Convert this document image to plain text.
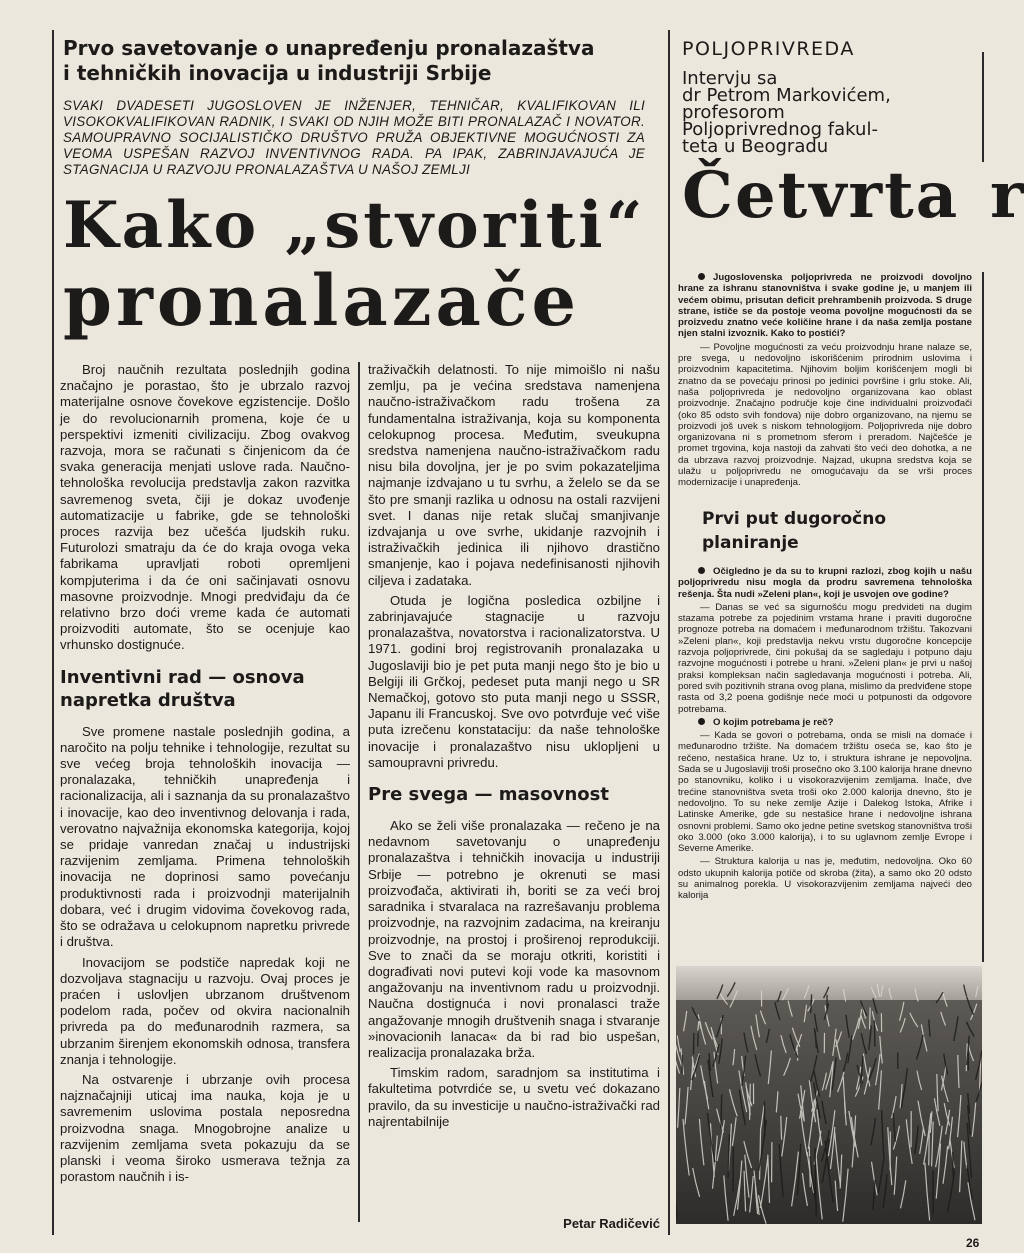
Prvo savetovanje o unapređenju pronalazaštva
i tehničkih inovacija u industriji Srbije

SVAKI DVADESETI JUGOSLOVEN JE INŽENJER, TEHNIČAR, KVALIFIKOVAN ILI VISOKOKVALIFIKOVAN RADNIK, I SVAKI OD NJIH MOŽE BITI PRONALAZAČ I NOVATOR. SAMOUPRAVNO SOCIJALISTIČKO DRUŠTVO PRUŽA OBJEKTIVNE MOGUĆNOSTI ZA VEOMA USPEŠAN RAZVOJ INVENTIVNOG RADA. PA IPAK, ZABRINJAVAJUĆA JE STAGNACIJA U RAZVOJU PRONALAZAŠTVA U NAŠOJ ZEMLJI

Kako „stvoriti“
pronalazače

Broj naučnih rezultata poslednjih godina značajno je porastao, što je ubrzalo razvoj materijalne osnove čovekove egzistencije. Došlo je do revolucionarnih promena, koje će u perspektivi izmeniti civilizaciju. Zbog ovakvog razvoja, mora se računati s činjenicom da će svaka generacija menjati uslove rada. Naučno-tehnološka revolucija predstavlja zakon razvitka savremenog sveta, čiji je dokaz uvođenje automatizacije u fabrike, gde se tehnološki proces razvija bez učešća ljudskih ruku. Futurolozi smatraju da će do kraja ovoga veka fabrikama upravljati roboti opremljeni kompjuterima i da će oni sačinjavati osnovu masovne proizvodnje. Mnogi predviđaju da će relativno brzo doći vreme kada će automati proizvoditi automate, što se ocenjuje kao vrhunsko dostignuće.

Inventivni rad — osnova napretka društva

Sve promene nastale poslednjih godina, a naročito na polju tehnike i tehnologije, rezultat su sve većeg broja tehnoloških inovacija — pronalazaka, tehničkih unapređenja i racionalizacija, ali i saznanja da su pronalazaštvo i inovacije, kao deo inventivnog delovanja i rada, verovatno najvažnija ekonomska kategorija, kojoj se pridaje vanredan značaj u industrijski razvijenim zemljama. Primena tehnoloških inovacija ne doprinosi samo povećanju produktivnosti rada i proizvodnji materijalnih dobara, već i drugim vidovima čovekovog rada, što se odražava u celokupnom napretku privrede i društva.

Inovacijom se podstiče napredak koji ne dozvoljava stagnaciju u razvoju. Ovaj proces je praćen i uslovljen ubrzanom društvenom podelom rada, počev od okvira nacionalnih privreda pa do međunarodnih razmera, sa ubrzanim širenjem ekonomskih odnosa, transfera znanja i tehnologije.

Na ostvarenje i ubrzanje ovih procesa najznačajniji uticaj ima nauka, koja je u savremenim uslovima postala neposredna proizvodna snaga. Mnogobrojne analize u razvijenim zemljama sveta pokazuju da se planski i veoma široko usmerava težnja za porastom naučnih i is-

traživačkih delatnosti. To nije mimoišlo ni našu zemlju, pa je većina sredstava namenjena naučno-istraživačkom radu trošena za fundamentalna istraživanja, koja su komponenta celokupnog procesa. Međutim, sveukupna sredstva namenjena naučno-istraživačkom radu nisu bila dovoljna, jer je po svim pokazateljima najmanje izdvajano u tu svrhu, a želelo se da se što pre smanji razlika u odnosu na ostali razvijeni svet. I danas nije retak slučaj smanjivanje izdvajanja u ove svrhe, ukidanje razvojnih i istraživačkih jedinica ili njihovo drastično smanjenje, kao i pojava nedefinisanosti njihovih ciljeva i zadataka.

Otuda je logična posledica ozbiljne i zabrinjavajuće stagnacije u razvoju pronalazaštva, novatorstva i racionalizatorstva. U 1971. godini broj registrovanih pronalazaka u Jugoslaviji bio je pet puta manji nego što je bio u Belgiji ili Grčkoj, pedeset puta manji nego u SR Nemačkoj, gotovo sto puta manji nego u SSSR, Japanu ili Francuskoj. Sve ovo potvrđuje već više puta izrečenu konstataciju: da naše tehnološke inovacije i pronalazaštvo nisu uklopljeni u samoupravni privredu.

Pre svega — masovnost

Ako se želi više pronalazaka — rečeno je na nedavnom savetovanju o unapređenju pronalazaštva i tehničkih inovacija u industriji Srbije — potrebno je okrenuti se masi proizvođača, aktivirati ih, boriti se za veći broj saradnika i stvaralaca na razrešavanju problema proizvodnje, na razvojnim zadacima, na kreiranju proizvodnje, na prostoj i proširenoj reprodukciji. Sve to znači da se moraju otkriti, koristiti i dograđivati novi putevi koji vode ka masovnom angažovanju na inventivnom radu u proizvodnji. Naučna dostignuća i novi pronalasci traže angažovanje mnogih društvenih snaga i stvaranje »inovacionih lanaca« da bi rad bio uspešan, realizacija pronalazaka brža.

Timskim radom, saradnjom sa institutima i fakultetima potvrdiće se, u svetu već dokazano pravilo, da su investicije u naučno-istraživački rad najrentabilnije

Petar Radičević
POLJOPRIVREDA
Intervju sa
dr Petrom Markovićem,
profesorom
Poljoprivrednog fakul-
teta u Beogradu
Četvrta r

Jugoslovenska poljoprivreda ne proizvodi dovoljno hrane za ishranu stanovništva i svake godine je, u manjem ili većem obimu, prisutan deficit prehrambenih proizvoda. S druge strane, ističe se da postoje veoma povoljne mogućnosti da se proizvedu znatno veće količine hrane i da naša zemlja postane njen stalni izvoznik. Kako to postići?

— Povoljne mogućnosti za veću proizvodnju hrane nalaze se, pre svega, u nedovoljno iskorišćenim prirodnim uslovima i proizvodnim kapacitetima. Njihovim boljim korišćenjem mogli bi znatno da se povećaju prinosi po jedinici površine i grlu stoke. Ali, naša poljoprivreda je nedovoljno organizovana kao oblast proizvodnje. Značajno područje koje čine individualni proizvođači (oko 85 odsto svih fondova) nije dobro organizovano, na njemu se proizvodi još uvek s niskom tehnologijom. Poljoprivreda nije dobro organizovana ni s prometnom sferom i preradom. Najčešće je promet trgovina, koja nastoji da zahvati što veći deo dohotka, a ne da ubrzava razvoj proizvodnje. Najzad, ukupna sredstva koja se ulažu u poljoprivredu ne omogućavaju da se vrši proces modernizacije i unapređenja.

Prvi put dugoročno planiranje

Očigledno je da su to krupni razlozi, zbog kojih u našu poljoprivredu nisu mogla da prodru savremena tehnološka rešenja. Šta nudi »Zeleni plan«, koji je usvojen ove godine?

— Danas se već sa sigurnošću mogu predvideti na dugim stazama potrebe za pojedinim vrstama hrane i praviti dugoročne prognoze potreba na domaćem i međunarodnom tržištu. Takozvani »Zeleni plan«, koji predstavlja nekvu vrstu dugoročne koncepcije razvoja poljoprivrede, čini pokušaj da se sagledaju i potpuno daju razvojne mogućnosti i potrebe u hrani. »Zeleni plan« je prvi u našoj praksi kompleksan način sagledavanja mogućnosti i potreba. Ali, pored svih pozitivnih strana ovog plana, mislimo da predviđene stope rasta od 3,2 poena godišnje neće moći u potpunosti da odgovore potrebama.

O kojim potrebama je reč?

— Kada se govori o potrebama, onda se misli na domaće i međunarodno tržište. Na domaćem tržištu oseća se, kao što je rečeno, nestašica hrane. Uz to, i struktura ishrane je nepovoljna. Sada se u Jugoslaviji troši prosečno oko 3.100 kalorija hrane dnevno po stanovniku, koliko i u visokorazvijenim zemljama. Inače, dve trećine stanovništva sveta troši oko 2.000 kalorija dnevno, što je nedovoljno. To su neke zemlje Azije i Dalekog Istoka, Afrike i Latinske Amerike, gde su nestašice hrane i nedovoljne ishrana osnovni problemi. Samo oko jedne petine svetskog stanovništva troši oko 3.000 (oko 3.000 kalorija), i to su uglavnom zemlje Evrope i Severne Amerike.

— Struktura kalorija u nas je, međutim, nedovoljna. Oko 60 odsto ukupnih kalorija potiče od skroba (žita), a samo oko 20 odsto su animalnog porekla. U visokorazvijenim zemljama najveći deo kalorija

26
